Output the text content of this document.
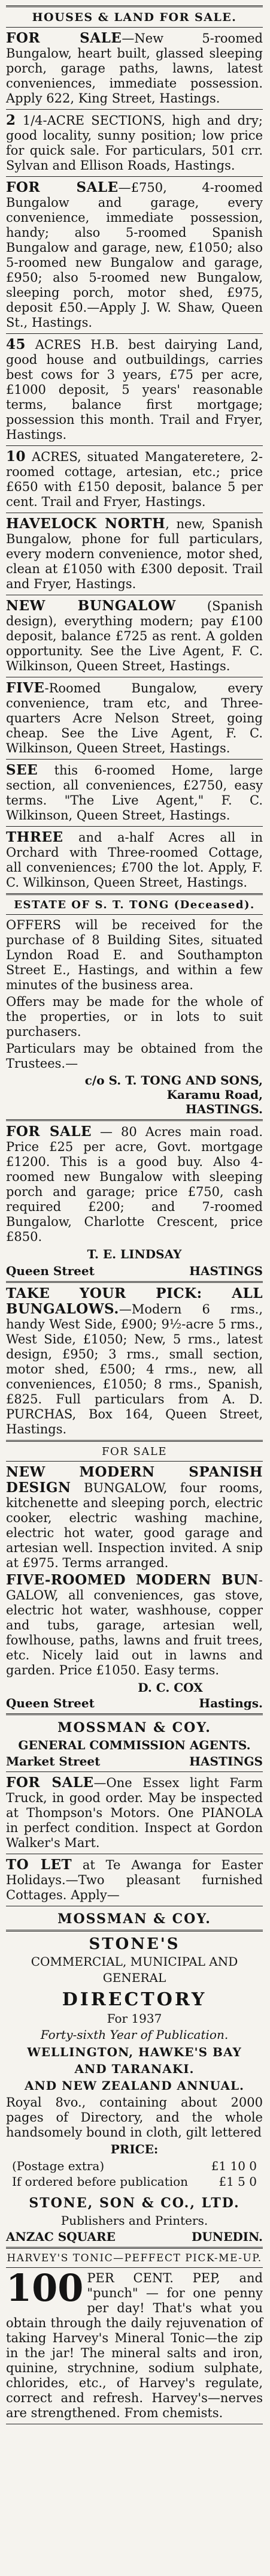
HOUSES & LAND FOR SALE.

FOR SALE—New 5-roomed Bungalow, heart built, glassed sleeping porch, garage paths, lawns, latest conveniences, immediate possession. Apply 622, King Street, Hastings.

2 1/4-ACRE SECTIONS, high and dry; good locality, sunny position; low price for quick sale. For particulars, 501 crr. Sylvan and Ellison Roads, Hastings.

FOR SALE—£750, 4-roomed Bungalow and garage, every convenience, immediate possession, handy; also 5-roomed Spanish Bungalow and garage, new, £1050; also 5-roomed new Bungalow and garage, £950; also 5-roomed new Bungalow, sleeping porch, motor shed, £975, deposit £50.—Apply J. W. Shaw, Queen St., Hastings.

45 ACRES H.B. best dairying Land, good house and outbuildings, carries best cows for 3 years, £75 per acre, £1000 deposit, 5 years' reasonable terms, balance first mortgage; possession this month. Trail and Fryer, Hastings.

10 ACRES, situated Mangateretere, 2-roomed cottage, artesian, etc.; price £650 with £150 deposit, balance 5 per cent. Trail and Fryer, Hastings.

HAVELOCK NORTH, new, Spanish Bungalow, phone for full particulars, every modern convenience, motor shed, clean at £1050 with £300 deposit. Trail and Fryer, Hastings.

NEW BUNGALOW (Spanish design), everything modern; pay £100 deposit, balance £725 as rent. A golden opportunity. See the Live Agent, F. C. Wilkinson, Queen Street, Hastings.

FIVE-Roomed Bungalow, every convenience, tram etc, and Three-quarters Acre Nelson Street, going cheap. See the Live Agent, F. C. Wilkinson, Queen Street, Hastings.

SEE this 6-roomed Home, large section, all conveniences, £2750, easy terms. "The Live Agent," F. C. Wilkinson, Queen Street, Hastings.

THREE and a-half Acres all in Orchard with Three-roomed Cottage, all conveniences; £700 the lot. Apply, F. C. Wilkinson, Queen Street, Hastings.

ESTATE OF S. T. TONG (Deceased).

OFFERS will be received for the purchase of 8 Building Sites, situated Lyndon Road E. and Southampton Street E., Hastings, and within a few minutes of the business area.

Offers may be made for the whole of the properties, or in lots to suit purchasers.

Particulars may be obtained from the Trustees.—

c/o S. T. TONG AND SONS,

Karamu Road,

HASTINGS.

FOR SALE — 80 Acres main road. Price £25 per acre, Govt. mortgage £1200. This is a good buy. Also 4-roomed new Bungalow with sleeping porch and garage; price £750, cash required £200; and 7-roomed Bungalow, Charlotte Crescent, price £850.

T. E. LINDSAY

Queen Street	HASTINGS

TAKE YOUR PICK: ALL BUNGALOWS.—Modern 6 rms., handy West Side, £900; 9½-acre 5 rms., West Side, £1050; New, 5 rms., latest design, £950; 3 rms., small section, motor shed, £500; 4 rms., new, all conveniences, £1050; 8 rms., Spanish, £825. Full particulars from A. D. PURCHAS, Box 164, Queen Street, Hastings.

FOR SALE

NEW MODERN SPANISH DESIGN BUNGALOW, four rooms, kitchenette and sleeping porch, electric cooker, electric washing machine, electric hot water, good garage and artesian well. Inspection invited. A snip at £975. Terms arranged.

FIVE-ROOMED MODERN BUN-GALOW, all conveniences, gas stove, electric hot water, washhouse, copper and tubs, garage, artesian well, fowlhouse, paths, lawns and fruit trees, etc. Nicely laid out in lawns and garden. Price £1050. Easy terms.

D. C. COX

Queen Street	Hastings.
MOSSMAN & COY.
GENERAL COMMISSION AGENTS.
Market Street	HASTINGS

FOR SALE—One Essex light Farm Truck, in good order. May be inspected at Thompson's Motors. One PIANOLA in perfect condition. Inspect at Gordon Walker's Mart.

TO LET at Te Awanga for Easter Holidays.—Two pleasant furnished Cottages. Apply—

MOSSMAN & COY.
STONE'S
COMMERCIAL, MUNICIPAL AND
GENERAL
DIRECTORY
For 1937
Forty-sixth Year of Publication.
WELLINGTON, HAWKE'S BAY
AND TARANAKI.
AND NEW ZEALAND ANNUAL.

Royal 8vo., containing about 2000 pages of Directory, and the whole handsomely bound in cloth, gilt lettered

PRICE:
(Postage extra)	£1 10 0
If ordered before publication	£1 5 0
STONE, SON & CO., LTD.
Publishers and Printers.
ANZAC SQUARE	DUNEDIN.
HARVEY'S TONIC—PEFFECT PICK-ME-UP.

100 PER CENT. PEP, and "punch" — for one penny per day! That's what you obtain through the daily rejuvenation of taking Harvey's Mineral Tonic—the zip in the jar! The mineral salts and iron, quinine, strychnine, sodium sulphate, chlorides, etc., of Harvey's regulate, correct and refresh. Harvey's—nerves are strengthened. From chemists.
